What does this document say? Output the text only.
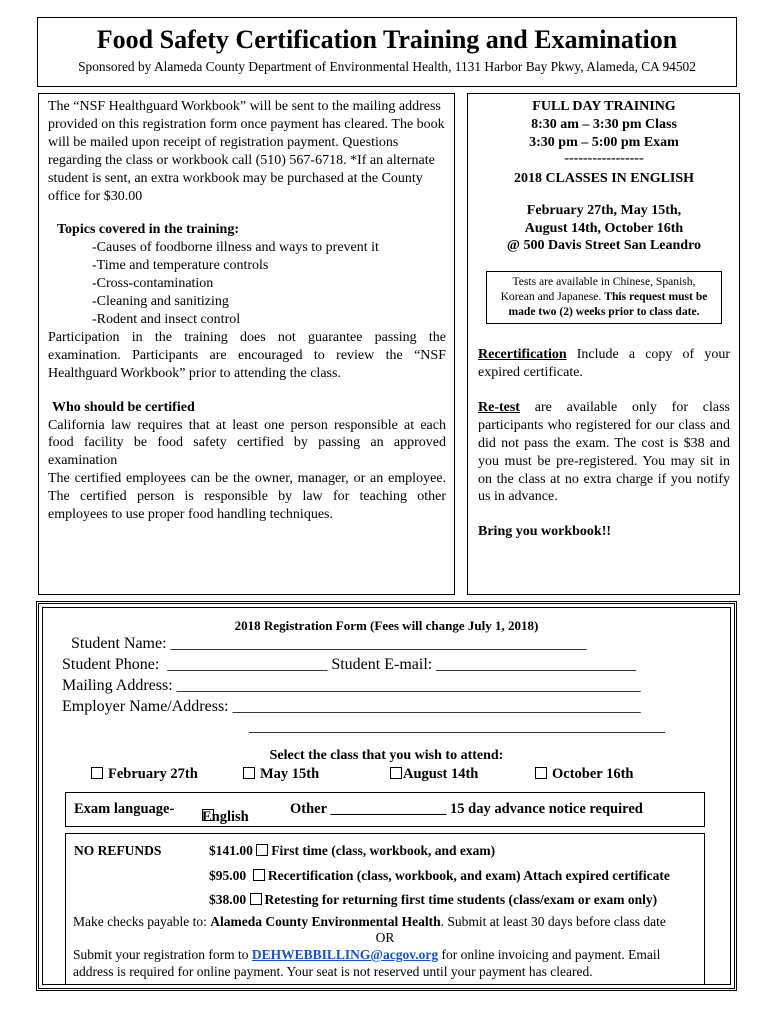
Food Safety Certification Training and Examination
Sponsored by Alameda County Department of Environmental Health, 1131 Harbor Bay Pkwy, Alameda, CA 94502

The “NSF Healthguard Workbook” will be sent to the mailing address provided on this registration form once payment has cleared. The book will be mailed upon receipt of registration payment. Questions regarding the class or workbook call (510) 567-6718. *If an alternate student is sent, an extra workbook may be purchased at the County office for $30.00

Topics covered in the training:

-Causes of foodborne illness and ways to prevent it

-Time and temperature controls

-Cross-contamination

-Cleaning and sanitizing

-Rodent and insect control

Participation in the training does not guarantee passing the examination. Participants are encouraged to review the “NSF Healthguard Workbook” prior to attending the class.

Who should be certified

California law requires that at least one person responsible at each food facility be food safety certified by passing an approved examination

The certified employees can be the owner, manager, or an employee. The certified person is responsible by law for teaching other employees to use proper food handling techniques.

FULL DAY TRAINING
8:30 am – 3:30 pm Class
3:30 pm – 5:00 pm Exam
-----------------
2018 CLASSES IN ENGLISH
February 27th, May 15th,
August 14th, October 16th
@ 500 Davis Street San Leandro
Tests are available in Chinese, Spanish, Korean and Japanese. This request must be made two (2) weeks prior to class date.

Recertification Include a copy of your expired certificate.

Re-test are available only for class participants who registered for our class and did not pass the exam. The cost is $38 and you must be pre-registered. You may sit in on the class at no extra charge if you notify us in advance.

Bring you workbook!!

2018 Registration Form (Fees will change July 1, 2018)
Student Name: ____________________________________________________
Student Phone:  ____________________ Student E-mail: _________________________
Mailing Address: __________________________________________________________
Employer Name/Address: ___________________________________________________
____________________________________________________
Select the class that you wish to attend:
February 27th	May 15th	August 14th	October 16th
Exam language- English	Other ________________ 15 day advance notice required
NO REFUNDS	$141.00 First time (class, workbook, and exam)
$95.00 Recertification (class, workbook, and exam) Attach expired certificate
$38.00 Retesting for returning first time students (class/exam or exam only)
Make checks payable to: Alameda County Environmental Health. Submit at least 30 days before class date
OR
Submit your registration form to DEHWEBBILLING@acgov.org for online invoicing and payment. Email
address is required for online payment. Your seat is not reserved until your payment has cleared.
